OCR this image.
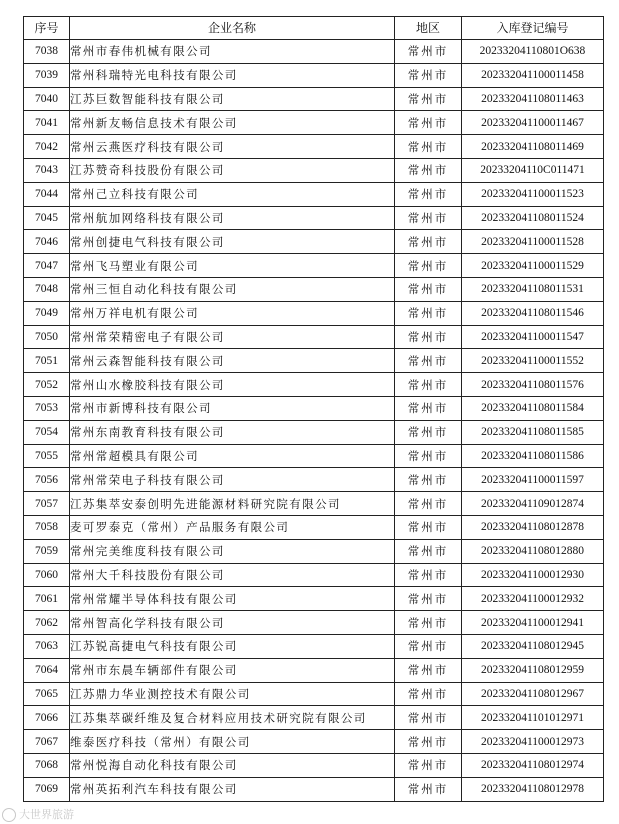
序号	企业名称	地区	入库登记编号
7038	常州市春伟机械有限公司	常州市	20233204110801O638
7039	常州科瑞特光电科技有限公司	常州市	202332041100011458
7040	江苏巨数智能科技有限公司	常州市	202332041108011463
7041	常州新友畅信息技术有限公司	常州市	202332041100011467
7042	常州云燕医疗科技有限公司	常州市	202332041108011469
7043	江苏赞奇科技股份有限公司	常州市	20233204110C011471
7044	常州己立科技有限公司	常州市	202332041100011523
7045	常州航加网络科技有限公司	常州市	202332041108011524
7046	常州创捷电气科技有限公司	常州市	202332041100011528
7047	常州飞马塑业有限公司	常州市	202332041100011529
7048	常州三恒自动化科技有限公司	常州市	202332041108011531
7049	常州万祥电机有限公司	常州市	202332041108011546
7050	常州常荣精密电子有限公司	常州市	202332041100011547
7051	常州云森智能科技有限公司	常州市	202332041100011552
7052	常州山水橡胶科技有限公司	常州市	202332041108011576
7053	常州市新博科技有限公司	常州市	202332041108011584
7054	常州东南教育科技有限公司	常州市	202332041108011585
7055	常州常超模具有限公司	常州市	202332041108011586
7056	常州常荣电子科技有限公司	常州市	202332041100011597
7057	江苏集萃安泰创明先进能源材料研究院有限公司	常州市	202332041109012874
7058	麦可罗泰克（常州）产品服务有限公司	常州市	202332041108012878
7059	常州完美维度科技有限公司	常州市	202332041108012880
7060	常州大千科技股份有限公司	常州市	202332041100012930
7061	常州常耀半导体科技有限公司	常州市	202332041100012932
7062	常州智高化学科技有限公司	常州市	202332041100012941
7063	江苏锐高捷电气科技有限公司	常州市	202332041108012945
7064	常州市东晨车辆部件有限公司	常州市	202332041108012959
7065	江苏鼎力华业测控技术有限公司	常州市	202332041108012967
7066	江苏集萃碳纤维及复合材料应用技术研究院有限公司	常州市	202332041101012971
7067	维泰医疗科技（常州）有限公司	常州市	202332041100012973
7068	常州悦海自动化科技有限公司	常州市	202332041108012974
7069	常州英拓利汽车科技有限公司	常州市	202332041108012978
大世界旅游
